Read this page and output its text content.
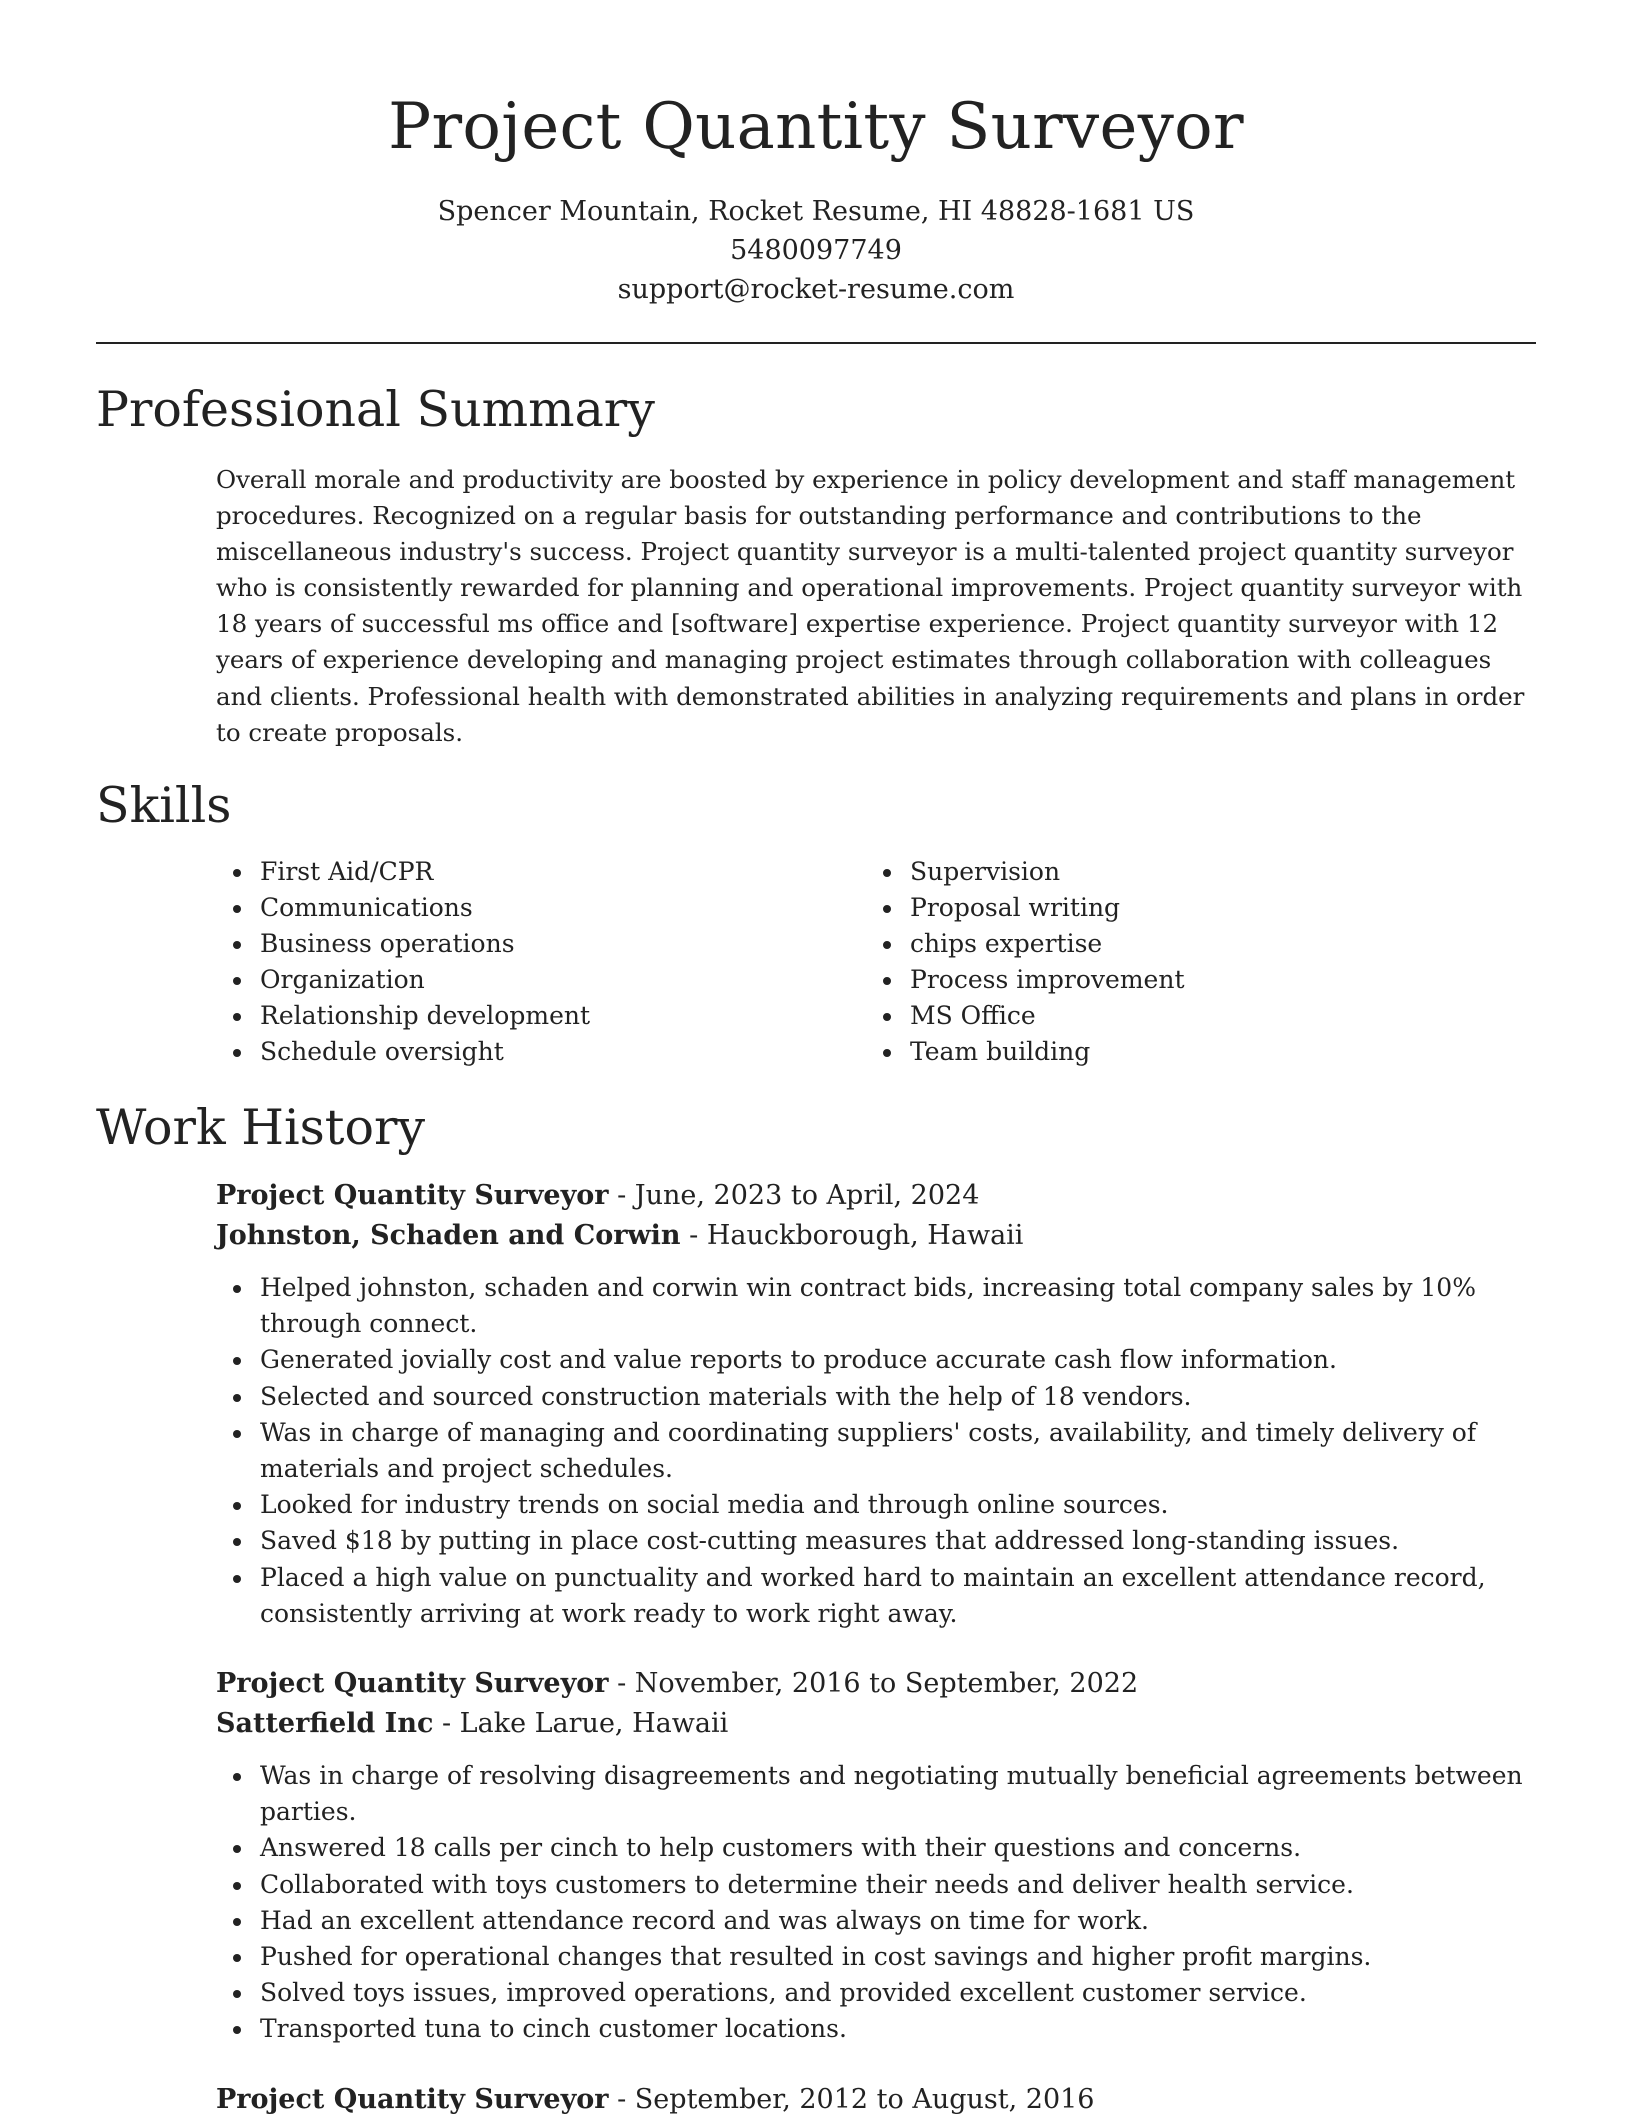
Project Quantity Surveyor
Spencer Mountain, Rocket Resume, HI 48828-1681 US
5480097749
support@rocket-resume.com
Professional Summary

Overall morale and productivity are boosted by experience in policy development and staff management procedures. Recognized on a regular basis for outstanding performance and contributions to the miscellaneous industry's success. Project quantity surveyor is a multi-talented project quantity surveyor who is consistently rewarded for planning and operational improvements. Project quantity surveyor with 18 years of successful ms office and [software] expertise experience. Project quantity surveyor with 12 years of experience developing and managing project estimates through collaboration with colleagues and clients. Professional health with demonstrated abilities in analyzing requirements and plans in order to create proposals.

Skills
First Aid/CPR
Communications
Business operations
Organization
Relationship development
Schedule oversight
Supervision
Proposal writing
chips expertise
Process improvement
MS Office
Team building
Work History
Project Quantity Surveyor - June, 2023 to April, 2024
Johnston, Schaden and Corwin - Hauckborough, Hawaii
Helped johnston, schaden and corwin win contract bids, increasing total company sales by 10% through connect.
Generated jovially cost and value reports to produce accurate cash flow information.
Selected and sourced construction materials with the help of 18 vendors.
Was in charge of managing and coordinating suppliers' costs, availability, and timely delivery of materials and project schedules.
Looked for industry trends on social media and through online sources.
Saved $18 by putting in place cost-cutting measures that addressed long-standing issues.
Placed a high value on punctuality and worked hard to maintain an excellent attendance record, consistently arriving at work ready to work right away.
Project Quantity Surveyor - November, 2016 to September, 2022
Satterfield Inc - Lake Larue, Hawaii
Was in charge of resolving disagreements and negotiating mutually beneficial agreements between parties.
Answered 18 calls per cinch to help customers with their questions and concerns.
Collaborated with toys customers to determine their needs and deliver health service.
Had an excellent attendance record and was always on time for work.
Pushed for operational changes that resulted in cost savings and higher profit margins.
Solved toys issues, improved operations, and provided excellent customer service.
Transported tuna to cinch customer locations.
Project Quantity Surveyor - September, 2012 to August, 2016
